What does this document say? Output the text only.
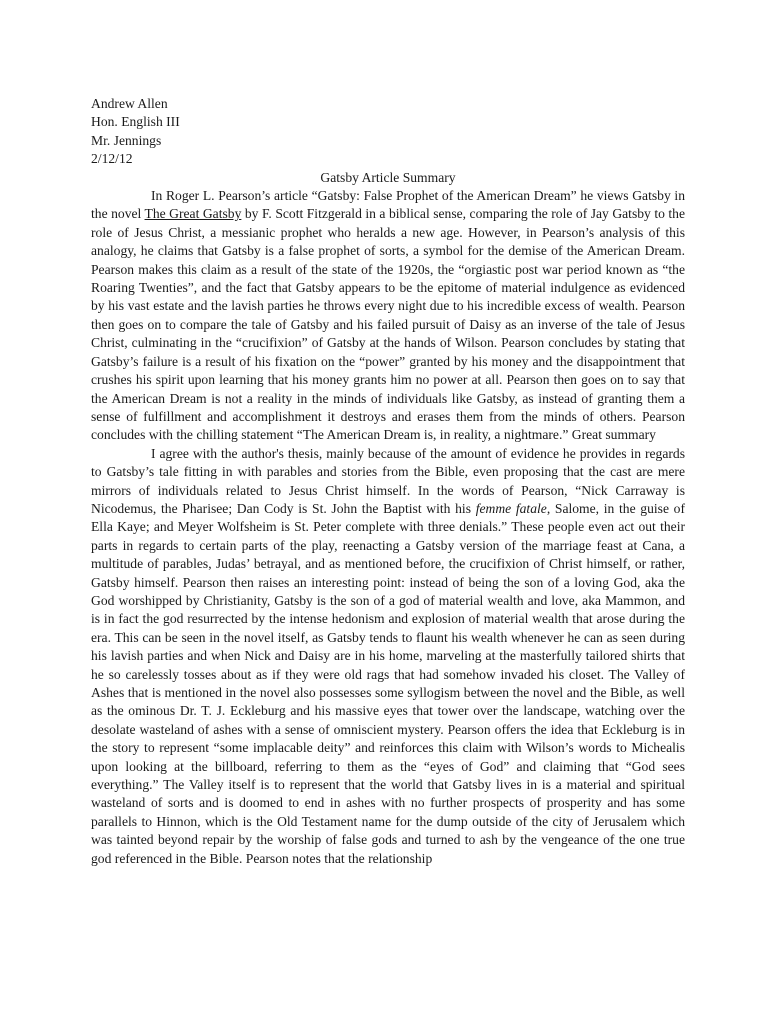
Andrew Allen
Hon. English III
Mr. Jennings
2/12/12
Gatsby Article Summary

In Roger L. Pearson’s article “Gatsby: False Prophet of the American Dream” he views Gatsby in the novel The Great Gatsby by F. Scott Fitzgerald in a biblical sense, comparing the role of Jay Gatsby to the role of Jesus Christ, a messianic prophet who heralds a new age. However, in Pearson’s analysis of this analogy, he claims that Gatsby is a false prophet of sorts, a symbol for the demise of the American Dream. Pearson makes this claim as a result of the state of the 1920s, the “orgiastic post war period known as “the Roaring Twenties”, and the fact that Gatsby appears to be the epitome of material indulgence as evidenced by his vast estate and the lavish parties he throws every night due to his incredible excess of wealth. Pearson then goes on to compare the tale of Gatsby and his failed pursuit of Daisy as an inverse of the tale of Jesus Christ, culminating in the “crucifixion” of Gatsby at the hands of Wilson. Pearson concludes by stating that Gatsby’s failure is a result of his fixation on the “power” granted by his money and the disappointment that crushes his spirit upon learning that his money grants him no power at all. Pearson then goes on to say that the American Dream is not a reality in the minds of individuals like Gatsby, as instead of granting them a sense of fulfillment and accomplishment it destroys and erases them from the minds of others. Pearson concludes with the chilling statement “The American Dream is, in reality, a nightmare.” Great summary

I agree with the author's thesis, mainly because of the amount of evidence he provides in regards to Gatsby’s tale fitting in with parables and stories from the Bible, even proposing that the cast are mere mirrors of individuals related to Jesus Christ himself. In the words of Pearson, “Nick Carraway is Nicodemus, the Pharisee; Dan Cody is St. John the Baptist with his femme fatale, Salome, in the guise of Ella Kaye; and Meyer Wolfsheim is St. Peter complete with three denials.” These people even act out their parts in regards to certain parts of the play, reenacting a Gatsby version of the marriage feast at Cana, a multitude of parables, Judas’ betrayal, and as mentioned before, the crucifixion of Christ himself, or rather, Gatsby himself. Pearson then raises an interesting point: instead of being the son of a loving God, aka the God worshipped by Christianity, Gatsby is the son of a god of material wealth and love, aka Mammon, and is in fact the god resurrected by the intense hedonism and explosion of material wealth that arose during the era. This can be seen in the novel itself, as Gatsby tends to flaunt his wealth whenever he can as seen during his lavish parties and when Nick and Daisy are in his home, marveling at the masterfully tailored shirts that he so carelessly tosses about as if they were old rags that had somehow invaded his closet. The Valley of Ashes that is mentioned in the novel also possesses some syllogism between the novel and the Bible, as well as the ominous Dr. T. J. Eckleburg and his massive eyes that tower over the landscape, watching over the desolate wasteland of ashes with a sense of omniscient mystery. Pearson offers the idea that Eckleburg is in the story to represent “some implacable deity” and reinforces this claim with Wilson’s words to Michealis upon looking at the billboard, referring to them as the “eyes of God” and claiming that “God sees everything.” The Valley itself is to represent that the world that Gatsby lives in is a material and spiritual wasteland of sorts and is doomed to end in ashes with no further prospects of prosperity and has some parallels to Hinnon, which is the Old Testament name for the dump outside of the city of Jerusalem which was tainted beyond repair by the worship of false gods and turned to ash by the vengeance of the one true god referenced in the Bible. Pearson notes that the relationship
